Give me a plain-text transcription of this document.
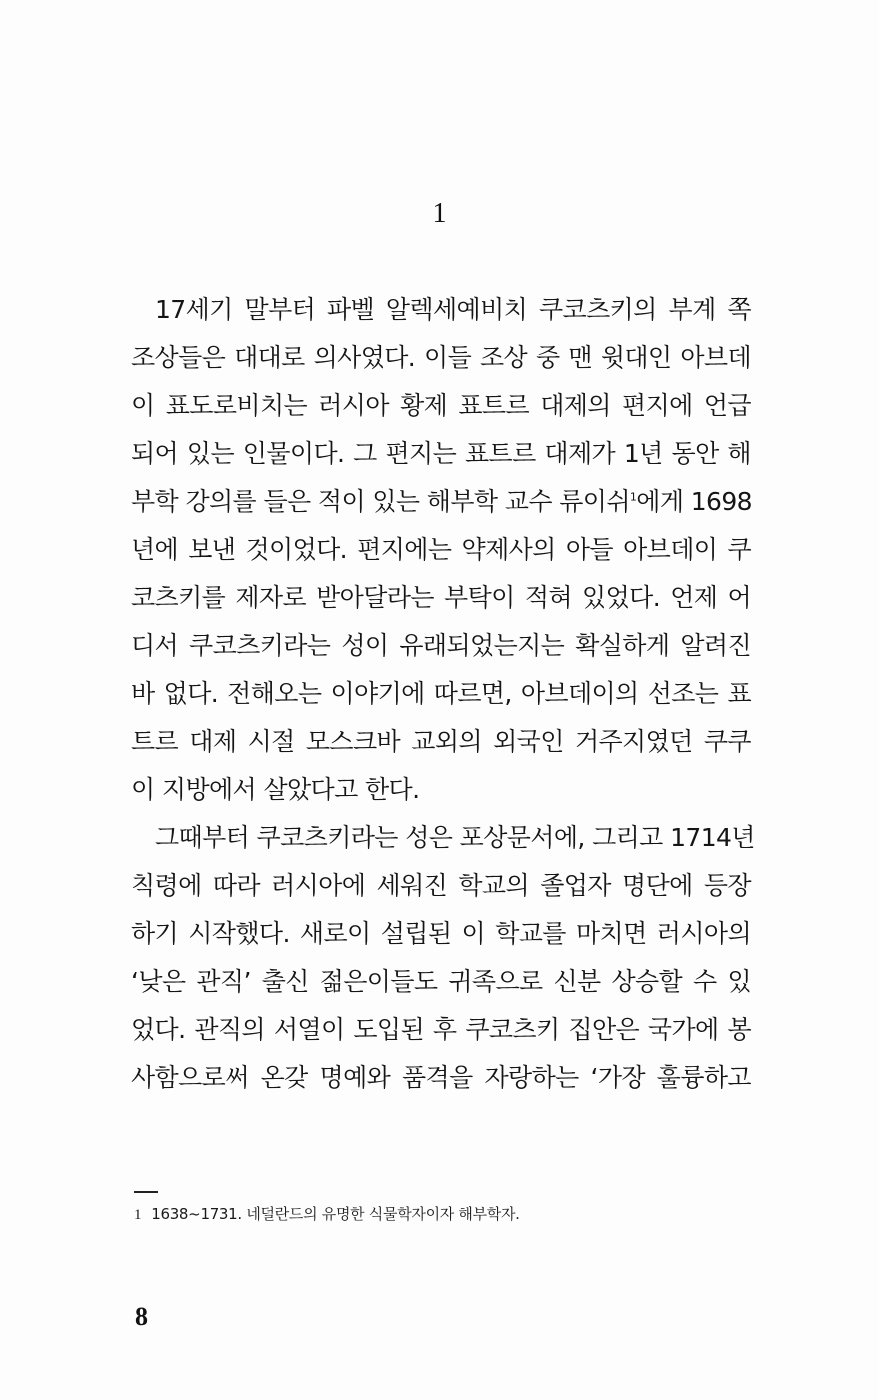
1
17세기 말부터 파벨 알렉세예비치 쿠코츠키의 부계 쪽
조상들은 대대로 의사였다. 이들 조상 중 맨 윗대인 아브데
이 표도로비치는 러시아 황제 표트르 대제의 편지에 언급
되어 있는 인물이다. 그 편지는 표트르 대제가 1년 동안 해
부학 강의를 들은 적이 있는 해부학 교수 류이쉬$^1$에게 1698
년에 보낸 것이었다. 편지에는 약제사의 아들 아브데이 쿠
코츠키를 제자로 받아달라는 부탁이 적혀 있었다. 언제 어
디서 쿠코츠키라는 성이 유래되었는지는 확실하게 알려진
바 없다. 전해오는 이야기에 따르면, 아브데이의 선조는 표
트르 대제 시절 모스크바 교외의 외국인 거주지였던 쿠쿠
이 지방에서 살았다고 한다.
그때부터 쿠코츠키라는 성은 포상문서에, 그리고 1714년
칙령에 따라 러시아에 세워진 학교의 졸업자 명단에 등장
하기 시작했다. 새로이 설립된 이 학교를 마치면 러시아의
‘낮은 관직’ 출신 젊은이들도 귀족으로 신분 상승할 수 있
었다. 관직의 서열이 도입된 후 쿠코츠키 집안은 국가에 봉
사함으로써 온갖 명예와 품격을 자랑하는 ‘가장 훌륭하고
1 1638~1731. 네덜란드의 유명한 식물학자이자 해부학자.
8
